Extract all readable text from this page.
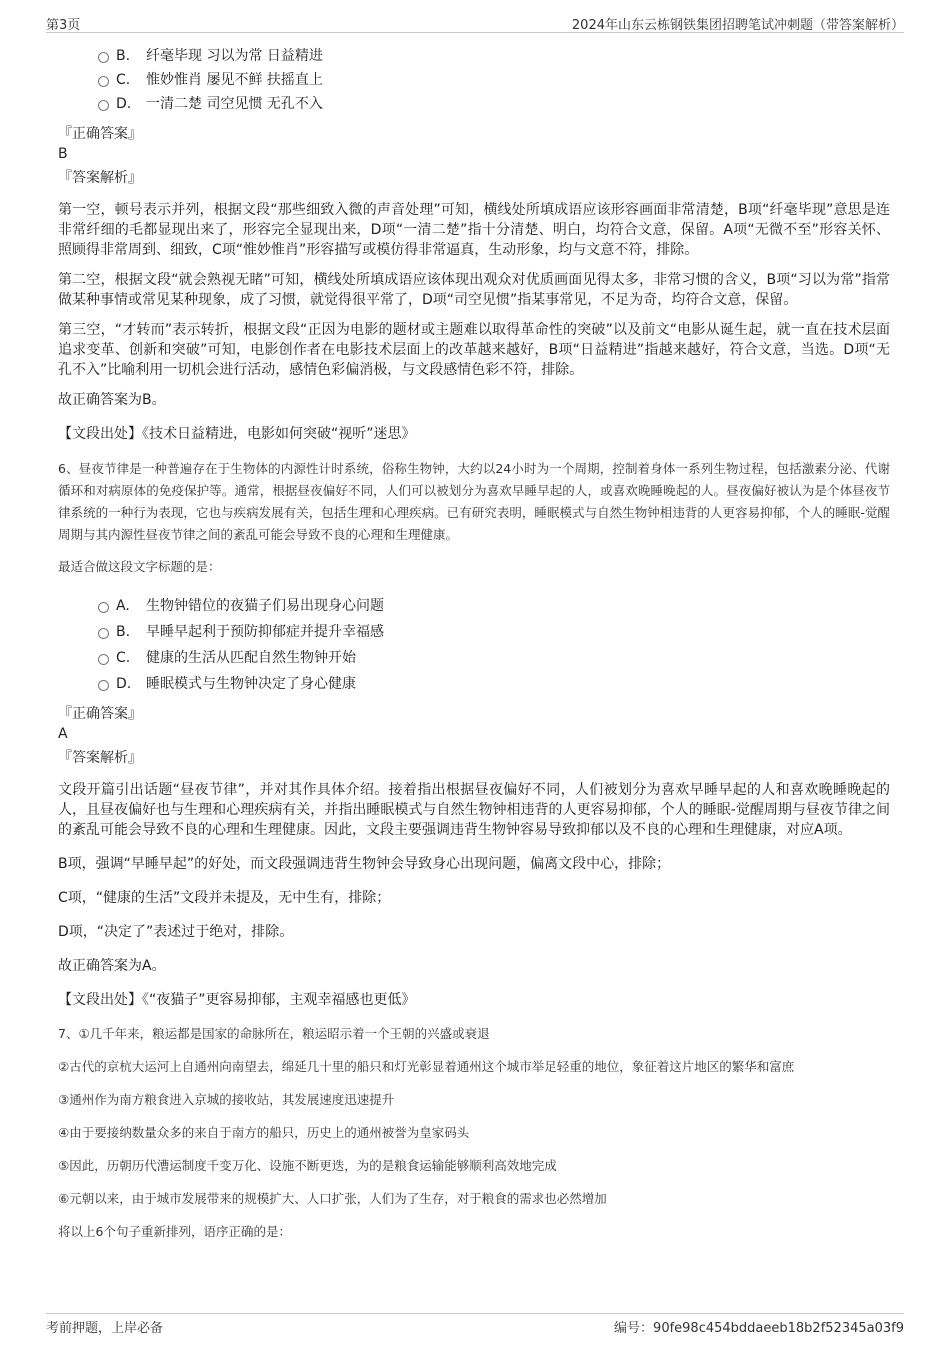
第3页	2024年山东云栋钢铁集团招聘笔试冲刺题（带答案解析）
B. 纤毫毕现 习以为常 日益精进
C. 惟妙惟肖 屡见不鲜 扶摇直上
D. 一清二楚 司空见惯 无孔不入

『正确答案』

B

『答案解析』

第一空，顿号表示并列，根据文段“那些细致入微的声音处理”可知，横线处所填成语应该形容画面非常清楚，B项“纤毫毕现”意思是连非常纤细的毛都显现出来了，形容完全显现出来，D项“一清二楚”指十分清楚、明白，均符合文意，保留。A项“无微不至”形容关怀、照顾得非常周到、细致，C项“惟妙惟肖”形容描写或模仿得非常逼真，生动形象，均与文意不符，排除。

第二空，根据文段“就会熟视无睹”可知，横线处所填成语应该体现出观众对优质画面见得太多，非常习惯的含义，B项“习以为常”指常做某种事情或常见某种现象，成了习惯，就觉得很平常了，D项“司空见惯”指某事常见，不足为奇，均符合文意，保留。

第三空，“才转而”表示转折，根据文段“正因为电影的题材或主题难以取得革命性的突破”以及前文“电影从诞生起，就一直在技术层面追求变革、创新和突破”可知，电影创作者在电影技术层面上的改革越来越好，B项“日益精进”指越来越好，符合文意，当选。D项“无孔不入”比喻利用一切机会进行活动，感情色彩偏消极，与文段感情色彩不符，排除。

故正确答案为B。

【文段出处】《技术日益精进，电影如何突破“视听”迷思》

6、昼夜节律是一种普遍存在于生物体的内源性计时系统，俗称生物钟，大约以24小时为一个周期，控制着身体一系列生物过程，包括激素分泌、代谢循环和对病原体的免疫保护等。通常，根据昼夜偏好不同，人们可以被划分为喜欢早睡早起的人，或喜欢晚睡晚起的人。昼夜偏好被认为是个体昼夜节律系统的一种行为表现，它也与疾病发展有关，包括生理和心理疾病。已有研究表明，睡眠模式与自然生物钟相违背的人更容易抑郁，个人的睡眠-觉醒周期与其内源性昼夜节律之间的紊乱可能会导致不良的心理和生理健康。

最适合做这段文字标题的是：

A. 生物钟错位的夜猫子们易出现身心问题
B. 早睡早起利于预防抑郁症并提升幸福感
C. 健康的生活从匹配自然生物钟开始
D. 睡眠模式与生物钟决定了身心健康

『正确答案』

A

『答案解析』

文段开篇引出话题“昼夜节律”，并对其作具体介绍。接着指出根据昼夜偏好不同，人们被划分为喜欢早睡早起的人和喜欢晚睡晚起的人，且昼夜偏好也与生理和心理疾病有关，并指出睡眠模式与自然生物钟相违背的人更容易抑郁，个人的睡眠-觉醒周期与昼夜节律之间的紊乱可能会导致不良的心理和生理健康。因此，文段主要强调违背生物钟容易导致抑郁以及不良的心理和生理健康，对应A项。

B项，强调“早睡早起”的好处，而文段强调违背生物钟会导致身心出现问题，偏离文段中心，排除；

C项，“健康的生活”文段并未提及，无中生有，排除；

D项，“决定了”表述过于绝对，排除。

故正确答案为A。

【文段出处】《“夜猫子”更容易抑郁，主观幸福感也更低》

7、①几千年来，粮运都是国家的命脉所在，粮运昭示着一个王朝的兴盛或衰退

②古代的京杭大运河上自通州向南望去，绵延几十里的船只和灯光彰显着通州这个城市举足轻重的地位，象征着这片地区的繁华和富庶

③通州作为南方粮食进入京城的接收站，其发展速度迅速提升

④由于要接纳数量众多的来自于南方的船只，历史上的通州被誉为皇家码头

⑤因此，历朝历代漕运制度千变万化、设施不断更迭，为的是粮食运输能够顺利高效地完成

⑥元朝以来，由于城市发展带来的规模扩大、人口扩张，人们为了生存，对于粮食的需求也必然增加

将以上6个句子重新排列，语序正确的是：

考前押题，上岸必备	编号：90fe98c454bddaeeb18b2f52345a03f9
